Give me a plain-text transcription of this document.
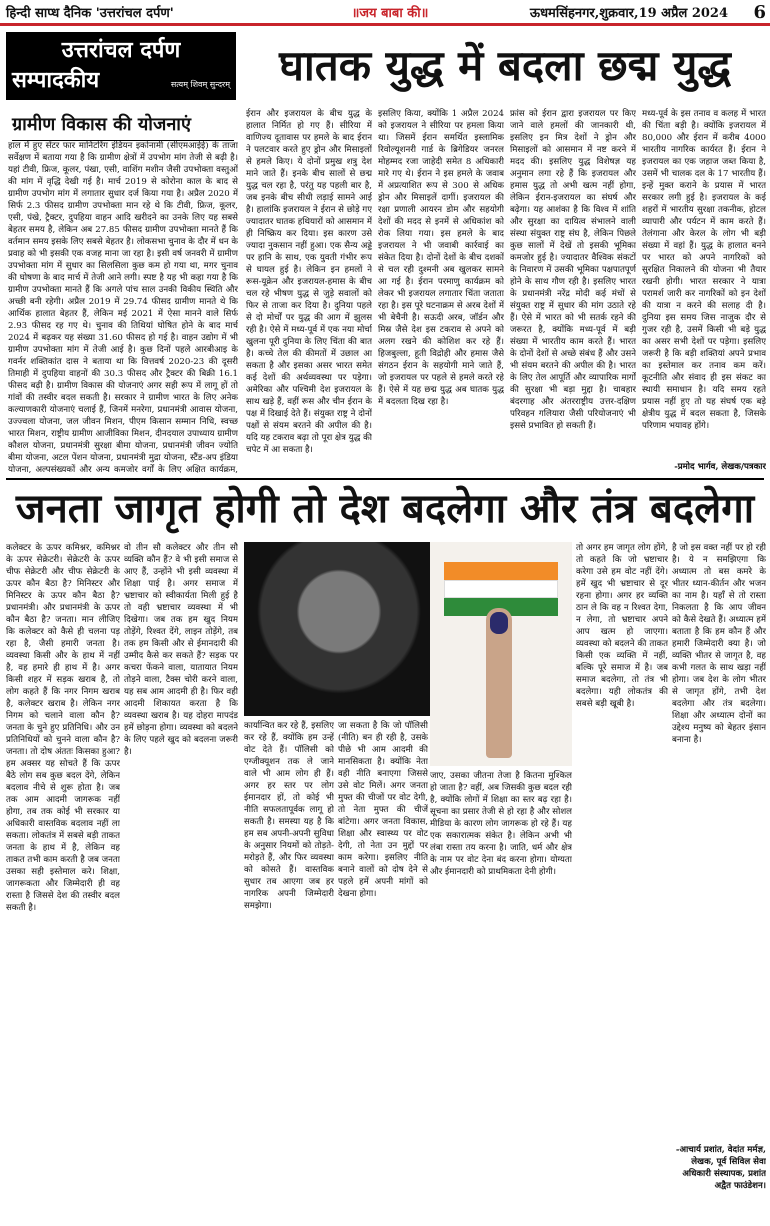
हिन्दी साप्ध दैनिक 'उत्तरांचल दर्पण'	॥जय बाबा की॥	ऊधमसिंहनगर,शुक्रवार,19 अप्रैल 2024	6
उत्तरांचल दर्पण
सम्पादकीय	सत्यम् शिवम् सुन्दरम्	घातक युद्ध में बदला छद्म युद्ध
ग्रामीण विकास की योजनाएं
हाल में हुए सेंटर फार मानिटरिंग इंडियन इकोनामी (सीएमआईई) के ताजा सर्वेक्षण में बताया गया है कि ग्रामीण क्षेत्रों में उपभोग मांग तेजी से बढ़ी है। यहां टीवी, फ्रिज, कूलर, पंखा, एसी, वाशिंग मशीन जैसी उपभोक्ता वस्तुओं की मांग में वृद्धि देखी गई है। मार्च 2019 से कोरोना काल के बाद से ग्रामीण उपभोग मांग में लगातार सुधार दर्ज किया गया है। अप्रैल 2020 में सिर्फ 2.3 फीसद ग्रामीण उपभोक्ता मान रहे थे कि टीवी, फ्रिज, कूलर, एसी, पंखे, ट्रैक्टर, दुपहिया वाहन आदि खरीदने का उनके लिए यह सबसे बेहतर समय है, लेकिन अब 27.85 फीसद ग्रामीण उपभोक्ता मानते हैं कि वर्तमान समय इसके लिए सबसे बेहतर है। लोकसभा चुनाव के दौर में धन के प्रवाह को भी इसकी एक वजह माना जा रहा है। इसी वर्ष जनवरी में ग्रामीण उपभोक्ता मांग में सुधार का सिलसिला कुछ कम हो गया था, मगर चुनाव की घोषणा के बाद मार्च में तेजी आने लगी। स्पष्ट है यह भी कहा गया है कि ग्रामीण उपभोक्ता मानते हैं कि अगले पांच साल उनकी विकीय स्थिति और अच्छी बनी रहेगी। अप्रैल 2019 में 29.74 फीसद ग्रामीण मानते थे कि आर्थिक हालात बेहतर हैं, लेकिन मई 2021 में ऐसा मानने वाले सिर्फ 2.93 फीसद रह गए थे। चुनाव की तिथियां घोषित होने के बाद मार्च 2024 में बढ़कर यह संख्या 31.60 फीसद हो गई है। वाहन उद्योग में भी ग्रामीण उपभोक्ता मांग में तेजी आई है। कुछ दिनों पहले आरबीआइ के गवर्नर शक्तिकांत दास ने बताया था कि वित्तवर्ष 2020-23 की दूसरी तिमाही में दुपहिया वाहनों की 30.3 फीसद और ट्रैक्टर की बिक्री 16.1 फीसद बढ़ी है। ग्रामीण विकास की योजनाएं अगर सही रूप में लागू हों तो गांवों की तस्वीर बदल सकती है। सरकार ने ग्रामीण भारत के लिए अनेक कल्याणकारी योजनाएं चलाई हैं, जिनमें मनरेगा, प्रधानमंत्री आवास योजना, उज्ज्वला योजना, जल जीवन मिशन, पीएम किसान सम्मान निधि, स्वच्छ भारत मिशन, राष्ट्रीय ग्रामीण आजीविका मिशन, दीनदयाल उपाध्याय ग्रामीण कौशल योजना, प्रधानमंत्री सुरक्षा बीमा योजना, प्रधानमंत्री जीवन ज्योति बीमा योजना, अटल पेंशन योजना, प्रधानमंत्री मुद्रा योजना, स्टैंड-अप इंडिया योजना, अल्पसंख्यकों और अन्य कमजोर वर्गों के लिए अक्षित कार्यक्रम,
ईरान और इजरायल के बीच युद्ध के हालात निर्मित हो गए हैं। सीरिया में वाणिज्य दूतावास पर हमले के बाद ईरान ने पलटवार करते हुए ड्रोन और मिसाइलों से हमले किए। ये दोनों प्रमुख शत्रु देश माने जाते हैं। इनके बीच सालों से छद्म युद्ध चल रहा है, परंतु यह पहली बार है, जब इनके बीच सीधी लड़ाई सामने आई है। हालांकि इजरायल ने ईरान से छोड़े गए ज्यादातर घातक हथियारों को आसमान में ही निष्क्रिय कर दिया। इस कारण उसे ज्यादा नुकसान नहीं हुआ। एक सैन्य अड्डे पर हानि के साथ, एक युवती गंभीर रूप से घायल हुई है। लेकिन इन हमलों ने रूस-यूक्रेन और इजरायल-हमास के बीच चल रहे भीषण युद्ध से जुड़े सवालों को फिर से ताजा कर दिया है। दुनिया पहले से दो मोर्चों पर युद्ध की आग में झुलस रही है। ऐसे में मध्य-पूर्व में एक नया मोर्चा खुलना पूरी दुनिया के लिए चिंता की बात है। कच्चे तेल की कीमतों में उछाल आ सकता है और इसका असर भारत समेत कई देशों की अर्थव्यवस्था पर पड़ेगा। अमेरिका और पश्चिमी देश इजरायल के साथ खड़े हैं, वहीं रूस और चीन ईरान के पक्ष में दिखाई देते हैं। संयुक्त राष्ट्र ने दोनों पक्षों से संयम बरतने की अपील की है। यदि यह टकराव बढ़ा तो पूरा क्षेत्र युद्ध की चपेट में आ सकता है।
इसलिए किया, क्योंकि 1 अप्रैल 2024 को इजरायल ने सीरिया पर हमला किया था। जिसमें ईरान समर्थित इस्लामिक रिवोल्यूशनरी गार्ड के ब्रिगेडियर जनरल मोहम्मद रजा जाहेदी समेत 8 अधिकारी मारे गए थे। ईरान ने इस हमले के जवाब में अप्रत्याशित रूप से 300 से अधिक ड्रोन और मिसाइलें दागीं। इजरायल की रक्षा प्रणाली आयरन डोम और सहयोगी देशों की मदद से इनमें से अधिकांश को रोक लिया गया। इस हमले के बाद इजरायल ने भी जवाबी कार्रवाई का संकेत दिया है। दोनों देशों के बीच दशकों से चल रही दुश्मनी अब खुलकर सामने आ गई है। ईरान परमाणु कार्यक्रम को लेकर भी इजरायल लगातार चिंता जताता रहा है। इस पूरे घटनाक्रम से अरब देशों में भी बेचैनी है। सऊदी अरब, जॉर्डन और मिस्र जैसे देश इस टकराव से अपने को अलग रखने की कोशिश कर रहे हैं। हिजबुल्ला, हूती विद्रोही और हमास जैसे संगठन ईरान के सहयोगी माने जाते हैं, जो इजरायल पर पहले से हमले करते रहे हैं। ऐसे में यह छद्म युद्ध अब घातक युद्ध में बदलता दिख रहा है।
फ्रांस को ईरान द्वारा इजरायल पर किए जाने वाले हमलों की जानकारी थी, इसलिए इन मित्र देशों ने ड्रोन और मिसाइलों को आसमान में नष्ट करने में मदद की। इसलिए युद्ध विशेषज्ञ यह अनुमान लगा रहे हैं कि इजरायल और हमास युद्ध तो अभी खत्म नहीं होगा, लेकिन ईरान-इजरायल का संघर्ष और बढ़ेगा। यह आशंका है कि विश्व में शांति और सुरक्षा का दायित्व संभालने वाली संस्था संयुक्त राष्ट्र संघ है, लेकिन पिछले कुछ सालों में देखें तो इसकी भूमिका कमजोर हुई है। ज्यादातर वैश्विक संकटों के निवारण में उसकी भूमिका पक्षपातपूर्ण होने के साथ गौण रही है। इसलिए भारत के प्रधानमंत्री नरेंद्र मोदी कई मंचों से संयुक्त राष्ट्र में सुधार की मांग उठाते रहे हैं। ऐसे में भारत को भी सतर्क रहने की जरूरत है, क्योंकि मध्य-पूर्व में बड़ी संख्या में भारतीय काम करते हैं। भारत के दोनों देशों से अच्छे संबंध हैं और उसने भी संयम बरतने की अपील की है। भारत के लिए तेल आपूर्ति और व्यापारिक मार्गों की सुरक्षा भी बड़ा मुद्दा है। चाबहार बंदरगाह और अंतरराष्ट्रीय उत्तर-दक्षिण परिवहन गलियारा जैसी परियोजनाएं भी इससे प्रभावित हो सकती हैं।
मध्य-पूर्व के इस तनाव व कलह में भारत की चिंता बड़ी है। क्योंकि इजरायल में 80,000 और ईरान में करीब 4000 भारतीय नागरिक कार्यरत हैं। ईरान ने इजरायल का एक जहाज जब्त किया है, उसमें भी चालक दल के 17 भारतीय हैं। इन्हें मुक्त कराने के प्रयास में भारत सरकार लगी हुई है। इजरायल के कई शहरों में भारतीय सुरक्षा तकनीक, होटल व्यापारी और पर्यटन में काम करते हैं। तेलंगाना और केरल के लोग भी बड़ी संख्या में वहां हैं। युद्ध के हालात बनने पर भारत को अपने नागरिकों को सुरक्षित निकालने की योजना भी तैयार रखनी होगी। भारत सरकार ने यात्रा परामर्श जारी कर नागरिकों को इन देशों की यात्रा न करने की सलाह दी है। दुनिया इस समय जिस नाजुक दौर से गुजर रही है, उसमें किसी भी बड़े युद्ध का असर सभी देशों पर पड़ेगा। इसलिए जरूरी है कि बड़ी शक्तियां अपने प्रभाव का इस्तेमाल कर तनाव कम करें। कूटनीति और संवाद ही इस संकट का स्थायी समाधान है। यदि समय रहते प्रयास नहीं हुए तो यह संघर्ष एक बड़े क्षेत्रीय युद्ध में बदल सकता है, जिसके परिणाम भयावह होंगे।
-प्रमोद भार्गव, लेखक/पत्रकार
जनता जागृत होगी तो देश बदलेगा और तंत्र बदलेगा
कलेक्टर के ऊपर कमिश्नर, कमिश्नर के ऊपर सेक्रेटरी। सेक्रेटरी के ऊपर चीफ सेक्रेटरी और चीफ सेक्रेटरी के ऊपर कौन बैठा है? मिनिस्टर और मिनिस्टर के ऊपर कौन बैठा है? प्रधानमंत्री। और प्रधानमंत्री के ऊपर कौन बैठा है? जनता। मान लीजिए कि कलेक्टर को कैसे ही चलना पड़ रहा है, जैसी हमारी जनता है। व्यवस्था किसी और के हाथ में नहीं है, वह हमारे ही हाथ में है। अगर किसी शहर में सड़क खराब है, तो लोग कहते हैं कि नगर निगम खराब है, कलेक्टर खराब है। लेकिन नगर निगम को चलाने वाला कौन है? जनता के चुने हुए प्रतिनिधि। और उन प्रतिनिधियों को चुनने वाला कौन है? जनता। तो दोष अंततः किसका हुआ? हम अक्सर यह सोचते हैं कि ऊपर बैठे लोग सब कुछ बदल देंगे, लेकिन बदलाव नीचे से शुरू होता है। जब तक आम आदमी जागरूक नहीं होगा, तब तक कोई भी सरकार या अधिकारी वास्तविक बदलाव नहीं ला सकता। लोकतंत्र में सबसे बड़ी ताकत जनता के हाथ में है, लेकिन वह ताकत तभी काम करती है जब जनता उसका सही इस्तेमाल करे। शिक्षा, जागरूकता और जिम्मेदारी ही वह रास्ता है जिससे देश की तस्वीर बदल सकती है।
वो तीन सौ कलेक्टर और तीन सौ व्यक्ति कौन हैं? वे भी इसी समाज से आए हैं, उन्होंने भी इसी व्यवस्था में शिक्षा पाई है। अगर समाज में भ्रष्टाचार को स्वीकार्यता मिली हुई है तो वही भ्रष्टाचार व्यवस्था में भी दिखेगा। जब तक हम खुद नियम तोड़ेंगे, रिश्वत देंगे, लाइन तोड़ेंगे, तब तक हम किसी और से ईमानदारी की उम्मीद कैसे कर सकते हैं? सड़क पर कचरा फेंकने वाला, यातायात नियम तोड़ने वाला, टैक्स चोरी करने वाला, यह सब आम आदमी ही है। फिर वही आदमी शिकायत करता है कि व्यवस्था खराब है। यह दोहरा मापदंड हमें छोड़ना होगा। व्यवस्था को बदलने के लिए पहले खुद को बदलना जरूरी है।
कार्यान्वित कर रहे हैं, इसलिए कर रहे हैं, क्योंकि हम उन्हें वोट देते हैं। पॉलिसी को एग्जीक्यूशन तक ले जाने वाले भी आम लोग ही हैं। अगर हर स्तर पर लोग ईमानदार हों, तो कोई भी नीति सफलतापूर्वक लागू हो सकती है। समस्या यह है कि हम सब अपनी-अपनी सुविधा के अनुसार नियमों को तोड़ते-मरोड़ते हैं, और फिर व्यवस्था को कोसते हैं। वास्तविक सुधार तब आएगा जब हर नागरिक अपनी जिम्मेदारी समझेगा।
जा सकता है कि जो पॉलिसी (नीति) बन ही रही है, उसके पीछे भी आम आदमी की मानसिकता है। क्योंकि नेता वही नीति बनाएगा जिससे उसे वोट मिलें। अगर जनता मुफ्त की चीजों पर वोट देगी, तो नेता मुफ्त की चीजें बांटेगा। अगर जनता विकास, शिक्षा और स्वास्थ्य पर वोट देगी, तो नेता उन मुद्दों पर काम करेगा। इसलिए नीति बनाने वालों को दोष देने से पहले हमें अपनी मांगों को देखना होगा।
जाए, उसका जीतना तेजा है कितना मुश्किल हो जाता है? वहीं, अब जिसकी कुछ बदल रही है, क्योंकि लोगों में शिक्षा का स्तर बढ़ रहा है। सूचना का प्रसार तेजी से हो रहा है और सोशल मीडिया के कारण लोग जागरूक हो रहे हैं। यह एक सकारात्मक संकेत है। लेकिन अभी भी लंबा रास्ता तय करना है। जाति, धर्म और क्षेत्र के नाम पर वोट देना बंद करना होगा। योग्यता और ईमानदारी को प्राथमिकता देनी होगी।
तो अगर हम जागृत लोग होंगे, तो कहते कि जो भ्रष्टाचार करेगा उसे हम वोट नहीं देंगे। हमें खुद भी भ्रष्टाचार से दूर रहना होगा। अगर हर व्यक्ति ठान ले कि वह न रिश्वत देगा, न लेगा, तो भ्रष्टाचार अपने आप खत्म हो जाएगा। व्यवस्था को बदलने की ताकत किसी एक व्यक्ति में नहीं, बल्कि पूरे समाज में है। जब समाज बदलेगा, तो तंत्र भी बदलेगा। यही लोकतंत्र की सबसे बड़ी खूबी है।
है जो इस वक्त नहीं पर हो रही है। ये न समझिएगा कि अध्यात्म तो बस कमरे के भीतर ध्यान-कीर्तन और भजन का नाम है। यहाँ से तो रास्ता निकलता है कि आप जीवन को कैसे देखते हैं। अध्यात्म हमें बताता है कि हम कौन हैं और हमारी जिम्मेदारी क्या है। जो व्यक्ति भीतर से जागृत है, वह कभी गलत के साथ खड़ा नहीं होगा। जब देश के लोग भीतर से जागृत होंगे, तभी देश बदलेगा और तंत्र बदलेगा। शिक्षा और अध्यात्म दोनों का उद्देश्य मनुष्य को बेहतर इंसान बनाना है।
-आचार्य प्रशांत, वेदांत मर्मज्ञ, लेखक, पूर्व सिविल सेवा अधिकारी संस्थापक, प्रशांत अद्वैत फाउंडेशन।
